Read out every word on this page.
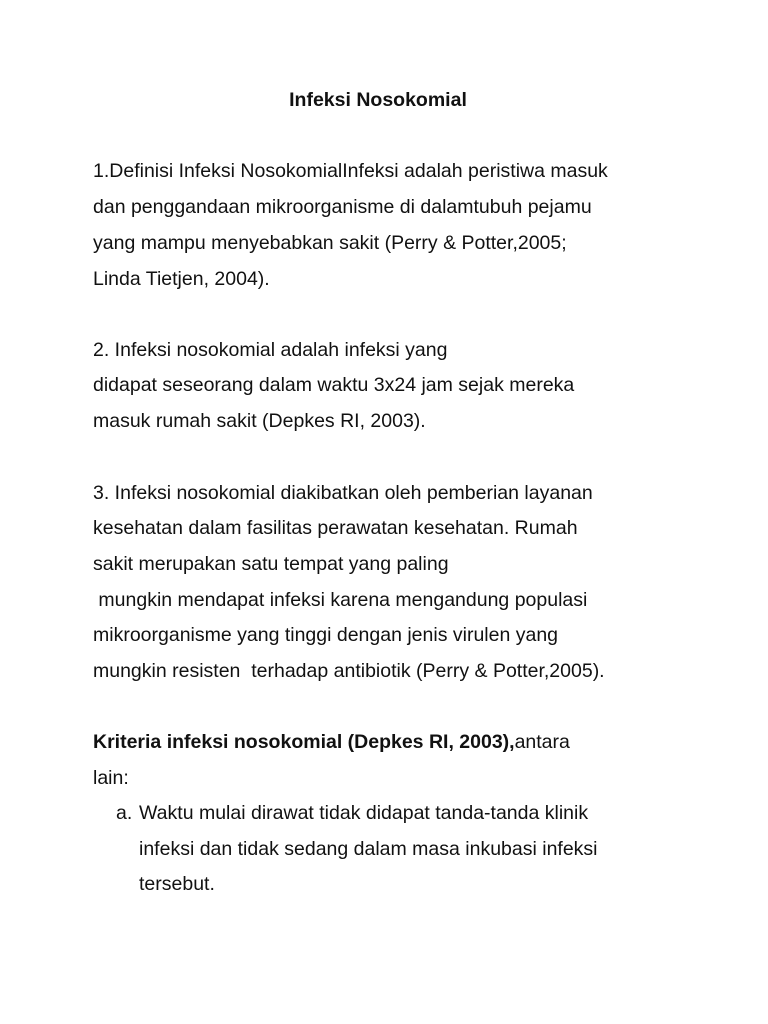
Infeksi Nosokomial
1.Definisi Infeksi NosokomialInfeksi adalah peristiwa masuk
dan penggandaan mikroorganisme di dalamtubuh pejamu
yang mampu menyebabkan sakit (Perry & Potter,2005;
Linda Tietjen, 2004).
2. Infeksi nosokomial adalah infeksi yang
didapat seseorang dalam waktu 3x24 jam sejak mereka
masuk rumah sakit (Depkes RI, 2003).
3. Infeksi nosokomial diakibatkan oleh pemberian layanan
kesehatan dalam fasilitas perawatan kesehatan. Rumah
sakit merupakan satu tempat yang paling
mungkin mendapat infeksi karena mengandung populasi
mikroorganisme yang tinggi dengan jenis virulen yang
mungkin resisten  terhadap antibiotik (Perry & Potter,2005).
Kriteria infeksi nosokomial (Depkes RI, 2003),antara
lain:
a. Waktu mulai dirawat tidak didapat tanda-tanda klinik
infeksi dan tidak sedang dalam masa inkubasi infeksi
tersebut.
